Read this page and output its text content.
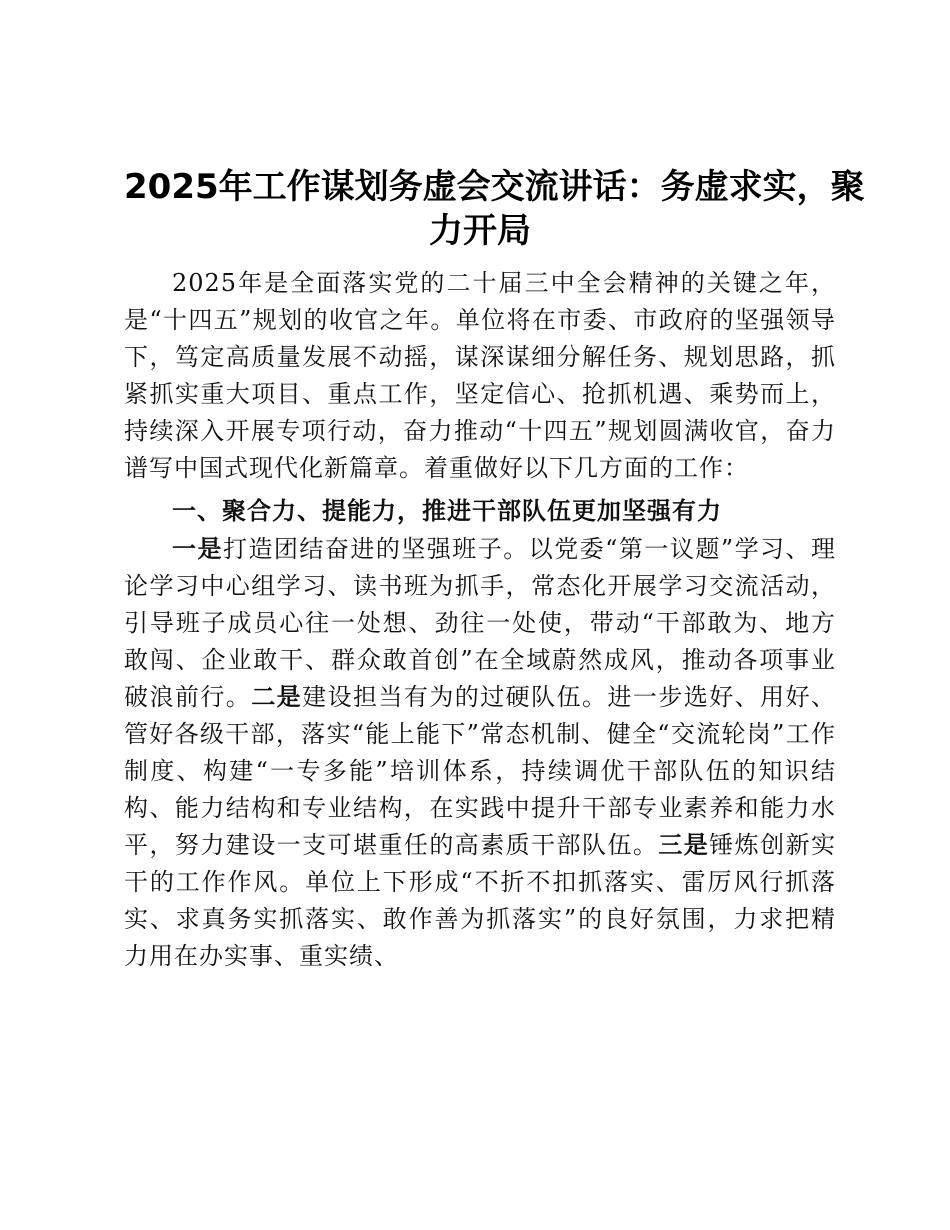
2025年工作谋划务虚会交流讲话：务虚求实，聚
力开局

2025年是全面落实党的二十届三中全会精神的关键之年，是“十四五”规划的收官之年。单位将在市委、市政府的坚强领导下，笃定高质量发展不动摇，谋深谋细分解任务、规划思路，抓紧抓实重大项目、重点工作，坚定信心、抢抓机遇、乘势而上，持续深入开展专项行动，奋力推动“十四五”规划圆满收官，奋力谱写中国式现代化新篇章。着重做好以下几方面的工作：

一、聚合力、提能力，推进干部队伍更加坚强有力

一是打造团结奋进的坚强班子。以党委“第一议题”学习、理论学习中心组学习、读书班为抓手，常态化开展学习交流活动，引导班子成员心往一处想、劲往一处使，带动“干部敢为、地方敢闯、企业敢干、群众敢首创”在全域蔚然成风，推动各项事业破浪前行。二是建设担当有为的过硬队伍。进一步选好、用好、管好各级干部，落实“能上能下”常态机制、健全“交流轮岗”工作制度、构建“一专多能”培训体系，持续调优干部队伍的知识结构、能力结构和专业结构，在实践中提升干部专业素养和能力水平，努力建设一支可堪重任的高素质干部队伍。三是锤炼创新实干的工作作风。单位上下形成“不折不扣抓落实、雷厉风行抓落实、求真务实抓落实、敢作善为抓落实”的良好氛围，力求把精力用在办实事、重实绩、
